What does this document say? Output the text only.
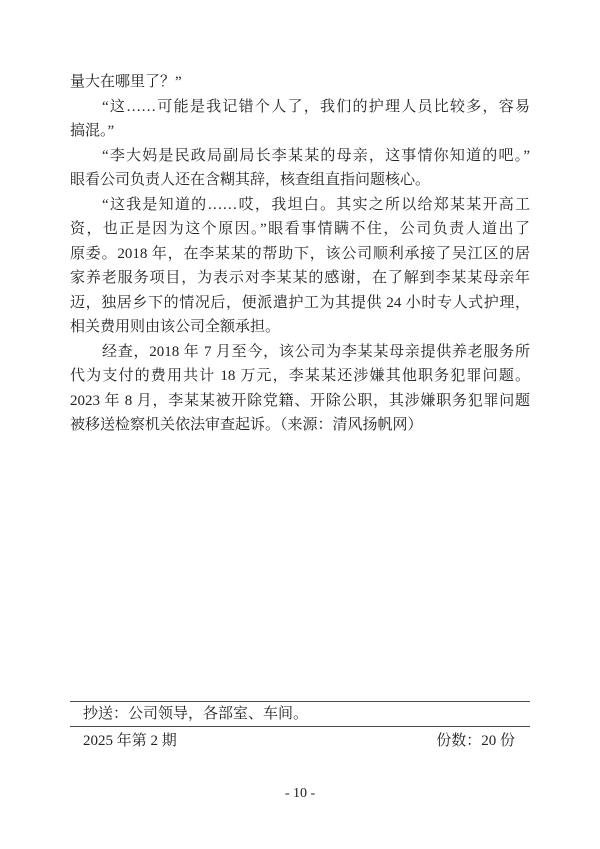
量大在哪里了？”
“这……可能是我记错个人了，我们的护理人员比较多，容易
搞混。”
“李大妈是民政局副局长李某某的母亲，这事情你知道的吧。”
眼看公司负责人还在含糊其辞，核查组直指问题核心。
“这我是知道的……哎，我坦白。其实之所以给郑某某开高工
资，也正是因为这个原因。”眼看事情瞒不住，公司负责人道出了
原委。2018 年，在李某某的帮助下，该公司顺利承接了吴江区的居
家养老服务项目，为表示对李某某的感谢，在了解到李某某母亲年
迈，独居乡下的情况后，便派遣护工为其提供 24 小时专人式护理，
相关费用则由该公司全额承担。
经查，2018 年 7 月至今，该公司为李某某母亲提供养老服务所
代为支付的费用共计 18 万元，李某某还涉嫌其他职务犯罪问题。
2023 年 8 月，李某某被开除党籍、开除公职，其涉嫌职务犯罪问题
被移送检察机关依法审查起诉。（来源：清风扬帆网）
抄送：公司领导，各部室、车间。
2025 年第 2 期	份数：20 份
- 10 -
